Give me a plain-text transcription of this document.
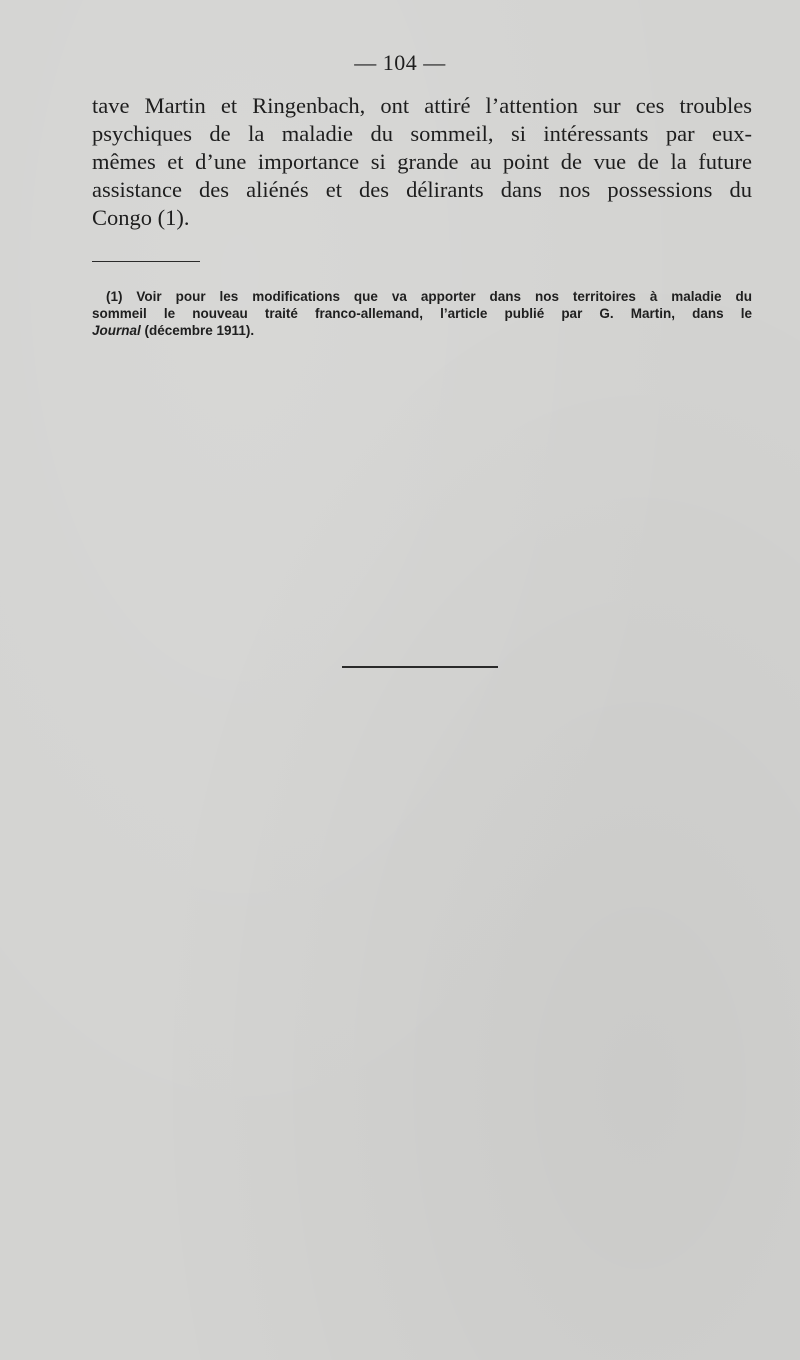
— 104 —
tave Martin et Ringenbach, ont attiré l’attention sur ces troubles
psychiques de la maladie du sommeil, si intéressants par eux-
mêmes et d’une importance si grande au point de vue de la future
assistance des aliénés et des délirants dans nos possessions du
Congo (1).
(1) Voir pour les modifications que va apporter dans nos territoires à maladie du
sommeil le nouveau traité franco-allemand, l’article publié par G. Martin, dans le
Journal (décembre 1911).
